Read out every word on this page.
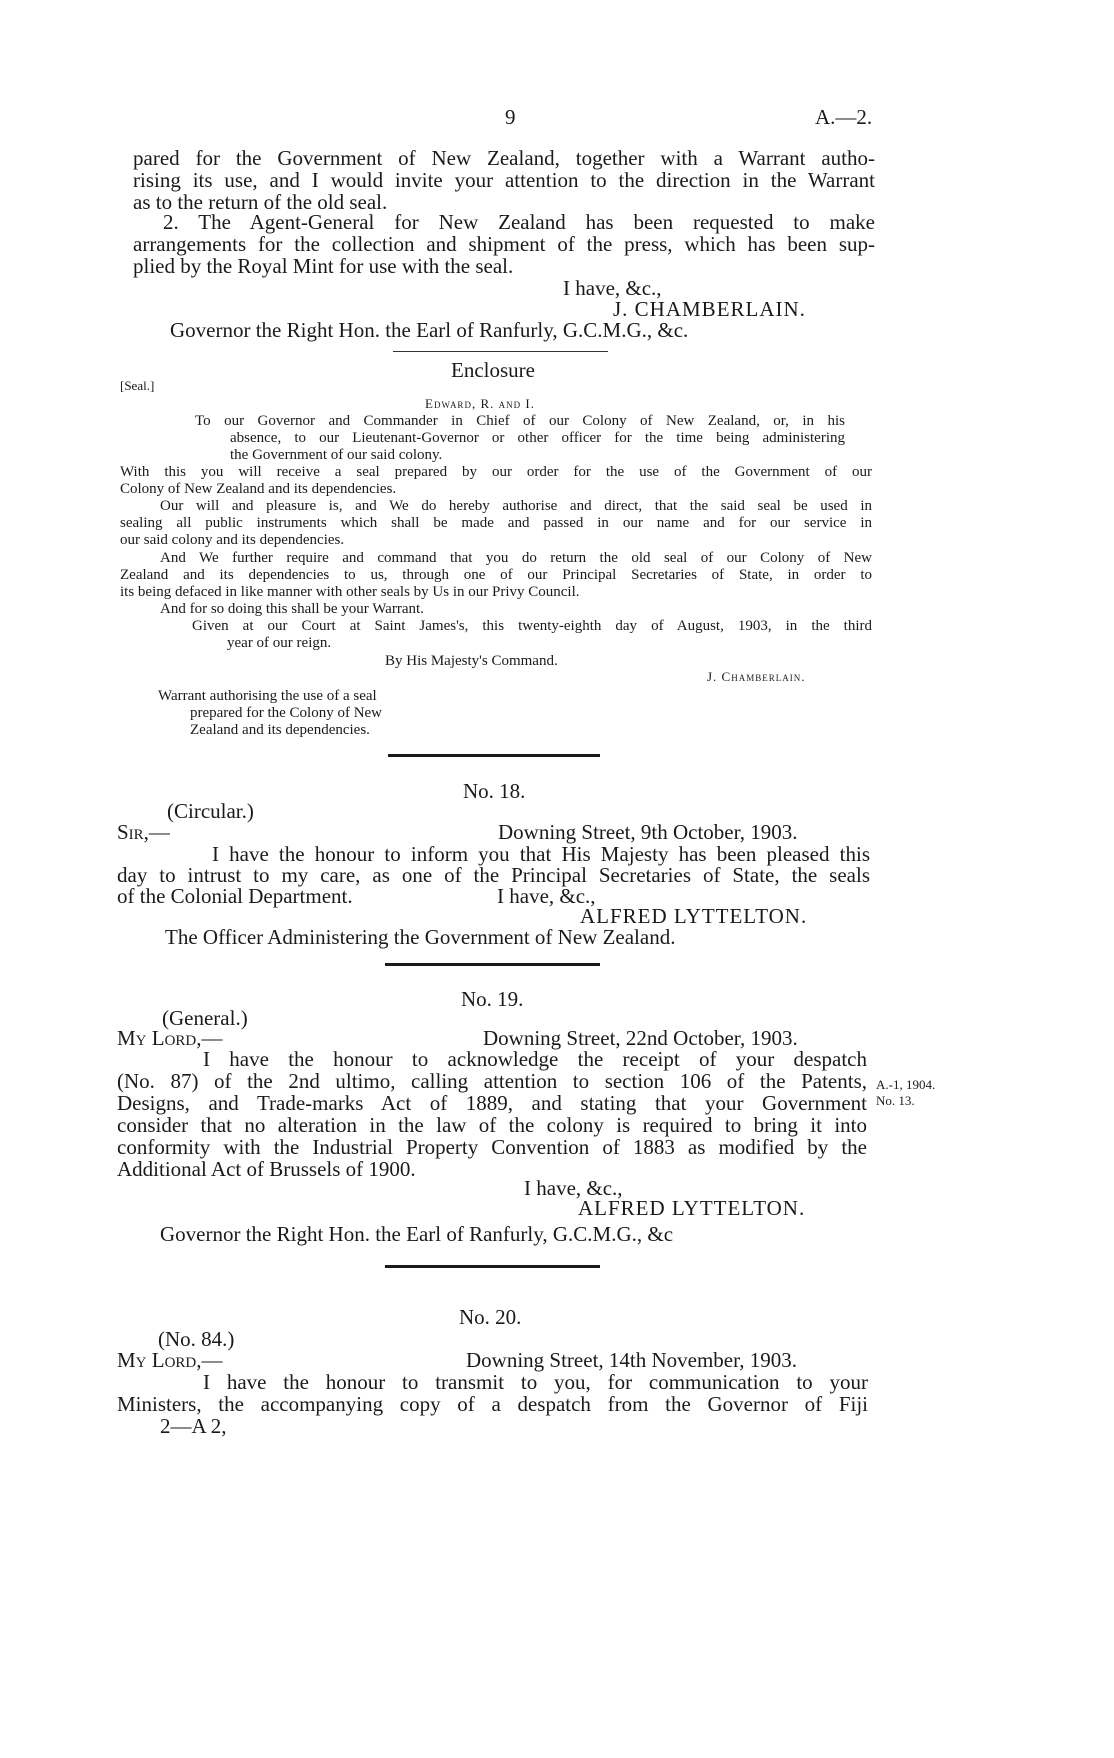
9	A.—2.
pared for the Government of New Zealand, together with a Warrant autho-
rising its use, and I would invite your attention to the direction in the Warrant
as to the return of the old seal.
2. The Agent-General for New Zealand has been requested to make
arrangements for the collection and shipment of the press, which has been sup-
plied by the Royal Mint for use with the seal.
I have, &c.,
J. CHAMBERLAIN.
Governor the Right Hon. the Earl of Ranfurly, G.C.M.G., &c.
Enclosure
[Seal.]
Edward, R. and I.
To our Governor and Commander in Chief of our Colony of New Zealand, or, in his
absence, to our Lieutenant-Governor or other officer for the time being administering
the Government of our said colony.
With this you will receive a seal prepared by our order for the use of the Government of our
Colony of New Zealand and its dependencies.
Our will and pleasure is, and We do hereby authorise and direct, that the said seal be used in
sealing all public instruments which shall be made and passed in our name and for our service in
our said colony and its dependencies.
And We further require and command that you do return the old seal of our Colony of New
Zealand and its dependencies to us, through one of our Principal Secretaries of State, in order to
its being defaced in like manner with other seals by Us in our Privy Council.
And for so doing this shall be your Warrant.
Given at our Court at Saint James's, this twenty-eighth day of August, 1903, in the third
year of our reign.
By His Majesty's Command.
J. Chamberlain.
Warrant authorising the use of a seal
prepared for the Colony of New
Zealand and its dependencies.
No. 18.
(Circular.)
Sir,—	Downing Street, 9th October, 1903.
I have the honour to inform you that His Majesty has been pleased this
day to intrust to my care, as one of the Principal Secretaries of State, the seals
of the Colonial Department.	I have, &c.,
ALFRED LYTTELTON.
The Officer Administering the Government of New Zealand.
No. 19.
(General.)
My Lord,—	Downing Street, 22nd October, 1903.
I have the honour to acknowledge the receipt of your despatch
(No. 87) of the 2nd ultimo, calling attention to section 106 of the Patents,
Designs, and Trade-marks Act of 1889, and stating that your Government
consider that no alteration in the law of the colony is required to bring it into
conformity with the Industrial Property Convention of 1883 as modified by the
Additional Act of Brussels of 1900.
A.-1, 1904.
No. 13.
I have, &c.,
ALFRED LYTTELTON.
Governor the Right Hon. the Earl of Ranfurly, G.C.M.G., &c
No. 20.
(No. 84.)
My Lord,—	Downing Street, 14th November, 1903.
I have the honour to transmit to you, for communication to your
Ministers, the accompanying copy of a despatch from the Governor of Fiji
2—A 2,
